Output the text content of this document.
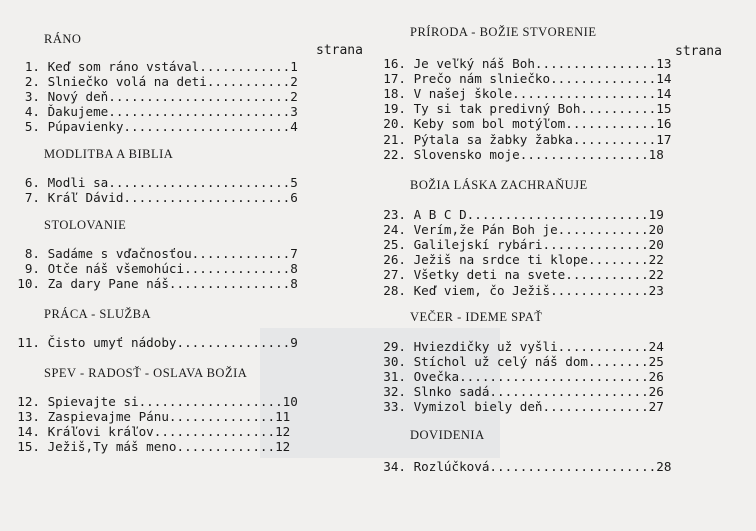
RÁNO
strana
1. Keď som ráno vstával............1
2. Slniečko volá na deti...........2
3. Nový deň........................2
4. Ďakujeme........................3
5. Púpavienky......................4
MODLITBA A BIBLIA
6. Modli sa........................5
7. Kráľ Dávid......................6
STOLOVANIE
8. Sadáme s vďačnosťou.............7
9. Otče náš všemohúci..............8
10. Za dary Pane náš................8
PRÁCA - SLUŽBA
11. Čisto umyť nádoby...............9
SPEV - RADOSŤ - OSLAVA BOŽIA
12. Spievajte si...................10
13. Zaspievajme Pánu..............11
14. Kráľovi kráľov................12
15. Ježiš,Ty máš meno.............12
PRÍRODA - BOŽIE STVORENIE
strana
16. Je veľký náš Boh................13
17. Prečo nám slniečko..............14
18. V našej škole...................14
19. Ty si tak predivný Boh..........15
20. Keby som bol motýľom............16
21. Pýtala sa žabky žabka...........17
22. Slovensko moje.................18
BOŽIA LÁSKA ZACHRAŇUJE
23. A B C D........................19
24. Verím,že Pán Boh je............20
25. Galilejskí rybári..............20
26. Ježiš na srdce ti klope........22
27. Všetky deti na svete...........22
28. Keď viem, čo Ježiš.............23
VEČER - IDEME SPAŤ
29. Hviezdičky už vyšli............24
30. Stíchol už celý náš dom........25
31. Ovečka.........................26
32. Slnko sadá.....................26
33. Vymizol biely deň..............27
DOVIDENIA
34. Rozlúčková......................28
